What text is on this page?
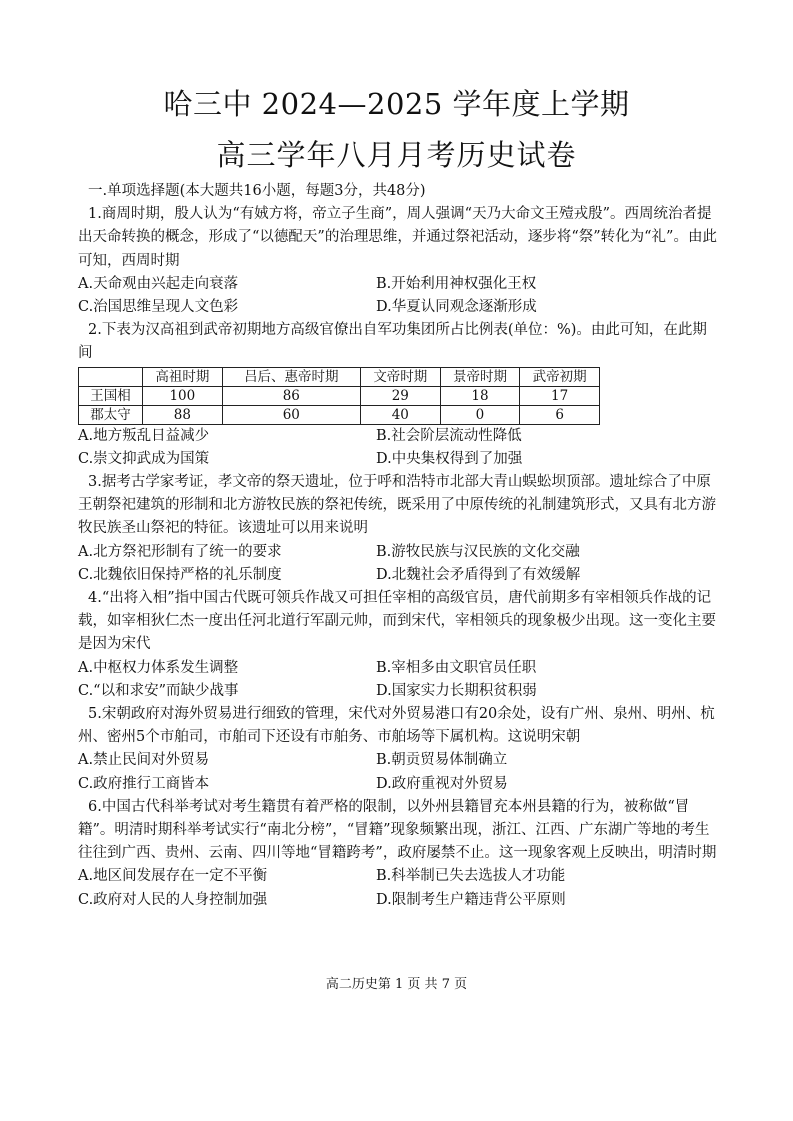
哈三中 2024—2025 学年度上学期
高三学年八月月考历史试卷

一.单项选择题(本大题共16小题，每题3分，共48分)

1.商周时期，殷人认为“有娀方将，帝立子生商”，周人强调“天乃大命文王殪戎殷”。西周统治者提出天命转换的概念，形成了“以德配天”的治理思维，并通过祭祀活动，逐步将“祭”转化为“礼”。由此可知，西周时期

A.天命观由兴起走向衰落	B.开始利用神权强化王权

C.治国思维呈现人文色彩	D.华夏认同观念逐渐形成

2.下表为汉高祖到武帝初期地方高级官僚出自军功集团所占比例表(单位：%)。由此可知，在此期间

	高祖时期	吕后、惠帝时期	文帝时期	景帝时期	武帝初期
王国相	100	86	29	18	17
郡太守	88	60	40	0	6

A.地方叛乱日益减少	B.社会阶层流动性降低

C.崇文抑武成为国策	D.中央集权得到了加强

3.据考古学家考证，孝文帝的祭天遗址，位于呼和浩特市北部大青山蜈蚣坝顶部。遗址综合了中原王朝祭祀建筑的形制和北方游牧民族的祭祀传统，既采用了中原传统的礼制建筑形式，又具有北方游牧民族圣山祭祀的特征。该遗址可以用来说明

A.北方祭祀形制有了统一的要求	B.游牧民族与汉民族的文化交融

C.北魏依旧保持严格的礼乐制度	D.北魏社会矛盾得到了有效缓解

4.“出将入相”指中国古代既可领兵作战又可担任宰相的高级官员，唐代前期多有宰相领兵作战的记载，如宰相狄仁杰一度出任河北道行军副元帅，而到宋代，宰相领兵的现象极少出现。这一变化主要是因为宋代

A.中枢权力体系发生调整	B.宰相多由文职官员任职

C.“以和求安”而缺少战事	D.国家实力长期积贫积弱

5.宋朝政府对海外贸易进行细致的管理，宋代对外贸易港口有20余处，设有广州、泉州、明州、杭州、密州5个市舶司，市舶司下还设有市舶务、市舶场等下属机构。这说明宋朝

A.禁止民间对外贸易	B.朝贡贸易体制确立

C.政府推行工商皆本	D.政府重视对外贸易

6.中国古代科举考试对考生籍贯有着严格的限制，以外州县籍冒充本州县籍的行为，被称做“冒籍”。明清时期科举考试实行“南北分榜”，“冒籍”现象频繁出现，浙江、江西、广东湖广等地的考生往往到广西、贵州、云南、四川等地“冒籍跨考”，政府屡禁不止。这一现象客观上反映出，明清时期

A.地区间发展存在一定不平衡	B.科举制已失去选拔人才功能

C.政府对人民的人身控制加强	D.限制考生户籍违背公平原则

高二历史第 1 页 共 7 页
